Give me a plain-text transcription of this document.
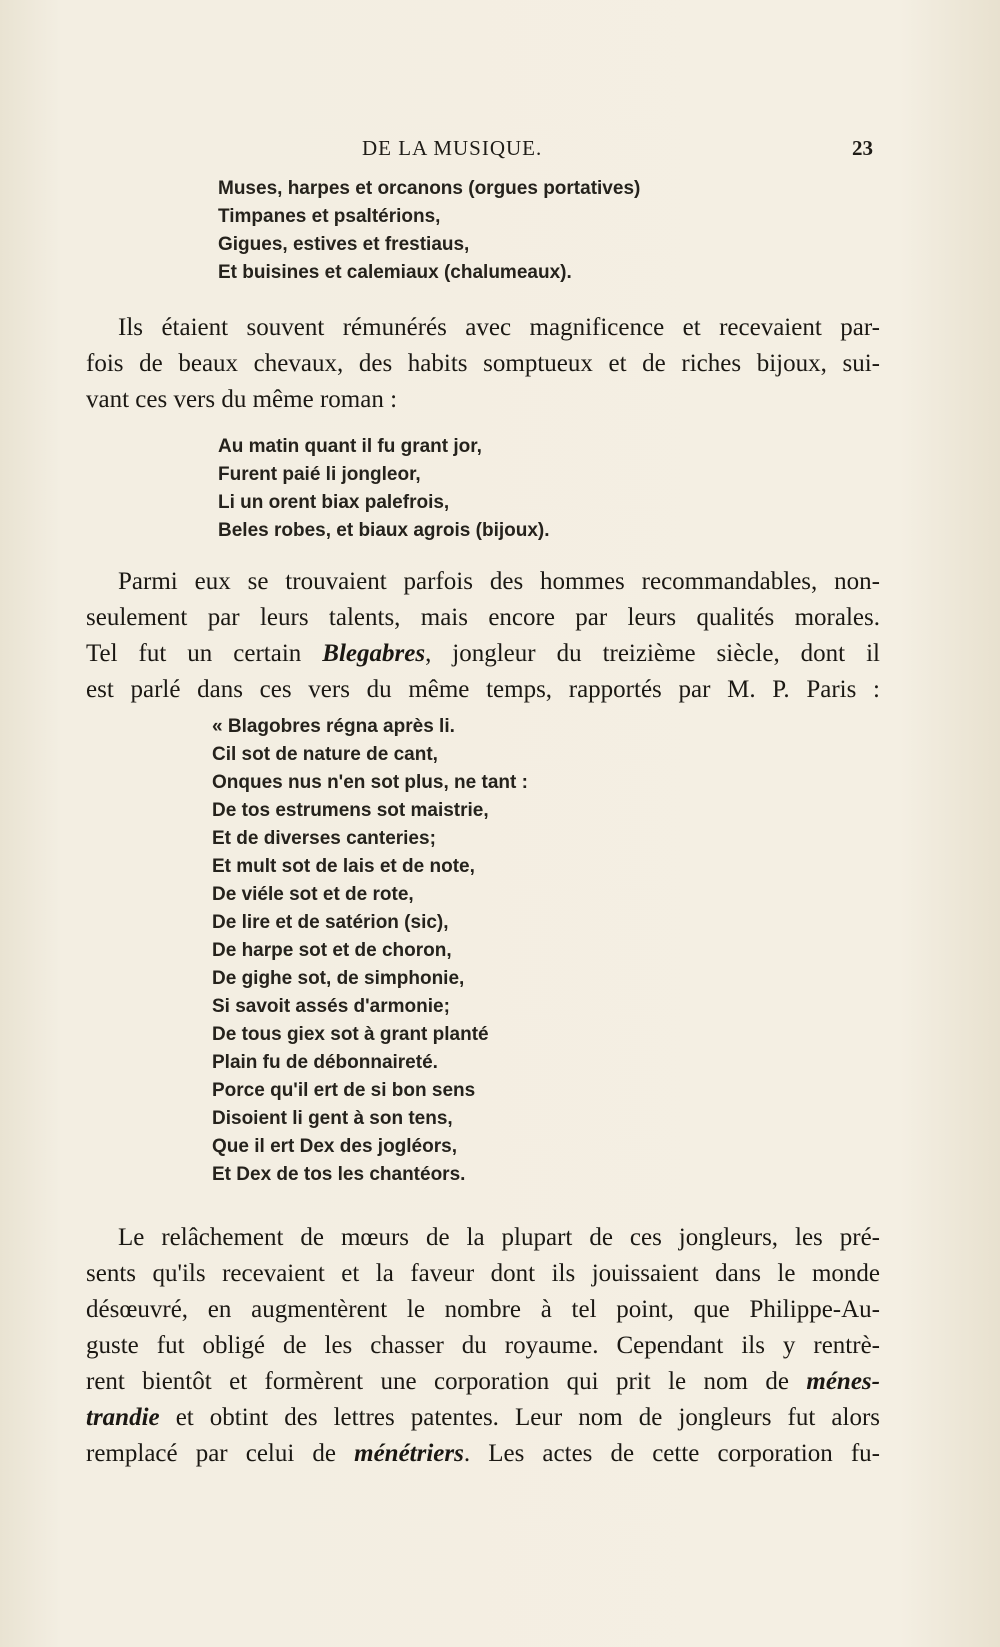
DE LA MUSIQUE.	23
Muses, harpes et orcanons (orgues portatives)
Timpanes et psaltérions,
Gigues, estives et frestiaus,
Et buisines et calemiaux (chalumeaux).
Ils étaient souvent rémunérés avec magnificence et recevaient par-
fois de beaux chevaux, des habits somptueux et de riches bijoux, sui-
vant ces vers du même roman :
Au matin quant il fu grant jor,
Furent paié li jongleor,
Li un orent biax palefrois,
Beles robes, et biaux agrois (bijoux).
Parmi eux se trouvaient parfois des hommes recommandables, non-
seulement par leurs talents, mais encore par leurs qualités morales.
Tel fut un certain Blegabres, jongleur du treizième siècle, dont il
est parlé dans ces vers du même temps, rapportés par M. P. Paris :
« Blagobres régna après li.
Cil sot de nature de cant,
Onques nus n'en sot plus, ne tant :
De tos estrumens sot maistrie,
Et de diverses canteries;
Et mult sot de lais et de note,
De viéle sot et de rote,
De lire et de satérion (sic),
De harpe sot et de choron,
De gighe sot, de simphonie,
Si savoit assés d'armonie;
De tous giex sot à grant planté
Plain fu de débonnaireté.
Porce qu'il ert de si bon sens
Disoient li gent à son tens,
Que il ert Dex des jogléors,
Et Dex de tos les chantéors.
Le relâchement de mœurs de la plupart de ces jongleurs, les pré-
sents qu'ils recevaient et la faveur dont ils jouissaient dans le monde
désœuvré, en augmentèrent le nombre à tel point, que Philippe-Au-
guste fut obligé de les chasser du royaume. Cependant ils y rentrè-
rent bientôt et formèrent une corporation qui prit le nom de ménes-
trandie et obtint des lettres patentes. Leur nom de jongleurs fut alors
remplacé par celui de ménétriers. Les actes de cette corporation fu-
